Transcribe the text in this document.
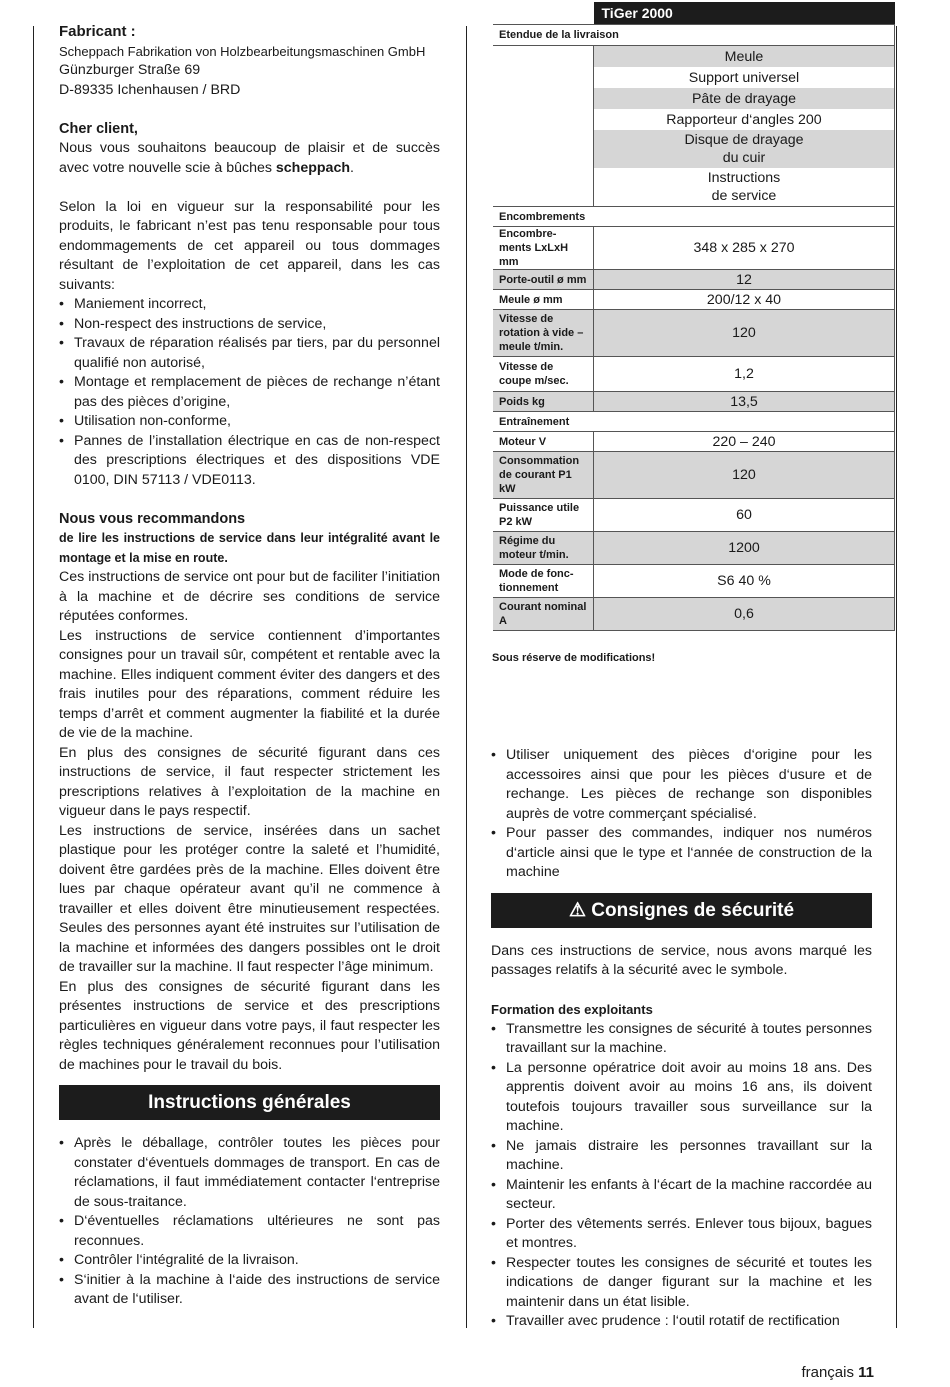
Fabricant :
Scheppach Fabrikation von Holzbearbeitungsmaschinen GmbH
Günzburger Straße 69
D-89335 Ichenhausen / BRD
Cher client,

Nous vous souhaitons beaucoup de plaisir et de succès avec votre nouvelle scie à bûches scheppach.

Selon la loi en vigueur sur la responsabilité pour les produits, le fabricant n’est pas tenu responsable pour tous endommagements de cet appareil ou tous dommages résultant de l’exploitation de cet appareil, dans les cas suivants:

• Maniement incorrect,
• Non-respect des instructions de service,
• Travaux de réparation réalisés par tiers, par du personnel qualifié non autorisé,
• Montage et remplacement de pièces de rechange n’étant pas des pièces d’origine,
• Utilisation non-conforme,
• Pannes de l’installation électrique en cas de non-respect des prescriptions électriques et des dispositions VDE 0100, DIN 57113 / VDE0113.
Nous vous recommandons

de lire les instructions de service dans leur intégralité avant le montage et la mise en route.

Ces instructions de service ont pour but de faciliter l’initiation à la machine et de décrire ses conditions de service réputées conformes.

Les instructions de service contiennent d’importantes consignes pour un travail sûr, compétent et rentable avec la machine. Elles indiquent comment éviter des dangers et des frais inutiles pour des réparations, comment réduire les temps d’arrêt et comment augmenter la fiabilité et la durée de vie de la machine.

En plus des consignes de sécurité figurant dans ces instructions de service, il faut respecter strictement les prescriptions relatives à l’exploitation de la machine en vigueur dans le pays respectif.

Les instructions de service, insérées dans un sachet plastique pour les protéger contre la saleté et l’humidité, doivent être gardées près de la machine. Elles doivent être lues par chaque opérateur avant qu’il ne commence à travailler et elles doivent être minutieusement respectées. Seules des personnes ayant été instruites sur l’utilisation de la machine et informées des dangers possibles ont le droit de travailler sur la machine. Il faut respecter l’âge minimum.

En plus des consignes de sécurité figurant dans les présentes instructions de service et des prescriptions particulières en vigueur dans votre pays, il faut respecter les règles techniques généralement reconnues pour l’utilisation de machines pour le travail du bois.

Instructions générales
• Après le déballage, contrôler toutes les pièces pour constater d‘éventuels dommages de transport. En cas de réclamations, il faut immédiatement contacter l‘entreprise de sous-traitance.
• D‘éventuelles réclamations ultérieures ne sont pas reconnues.
• Contrôler l‘intégralité de la livraison.
• S‘initier à la machine à l‘aide des instructions de service avant de l‘utiliser.
	TiGer 2000
Etendue de la livraison	
	Meule
	Support universel
	Pâte de drayage
	Rapporteur d‘angles 200
	Disque de drayage
du cuir
	Instructions
de service
Encombrements	
Encombre-ments LxLxH mm	348 x 285 x 270
Porte-outil ø mm	12
Meule ø mm	200/12 x 40
Vitesse de rotation à vide – meule t/min.	120
Vitesse de coupe m/sec.	1,2
Poids kg	13,5
Entraînement	
Moteur V	220 – 240
Consommation de courant P1 kW	120
Puissance utile P2 kW	60
Régime du moteur t/min.	1200
Mode de fonc-tionnement	S6 40 %
Courant nominal A	0,6
Sous réserve de modifications!
• Utiliser uniquement des pièces d‘origine pour les accessoires ainsi que pour les pièces d‘usure et de rechange. Les pièces de rechange son disponibles auprès de votre commerçant spécialisé.
• Pour passer des commandes, indiquer nos numéros d‘article ainsi que le type et l‘année de construction de la machine
⚠ Consignes de sécurité

Dans ces instructions de service, nous avons marqué les passages relatifs à la sécurité avec le symbole.

Formation des exploitants
• Transmettre les consignes de sécurité à toutes personnes travaillant sur la machine.
• La personne opératrice doit avoir au moins 18 ans. Des apprentis doivent avoir au moins 16 ans, ils doivent toutefois toujours travailler sous surveillance sur la machine.
• Ne jamais distraire les personnes travaillant sur la machine.
• Maintenir les enfants à l‘écart de la machine raccordée au secteur.
• Porter des vêtements serrés. Enlever tous bijoux, bagues et montres.
• Respecter toutes les consignes de sécurité et toutes les indications de danger figurant sur la machine et les maintenir dans un état lisible.
• Travailler avec prudence : l‘outil rotatif de rectification
français 11
